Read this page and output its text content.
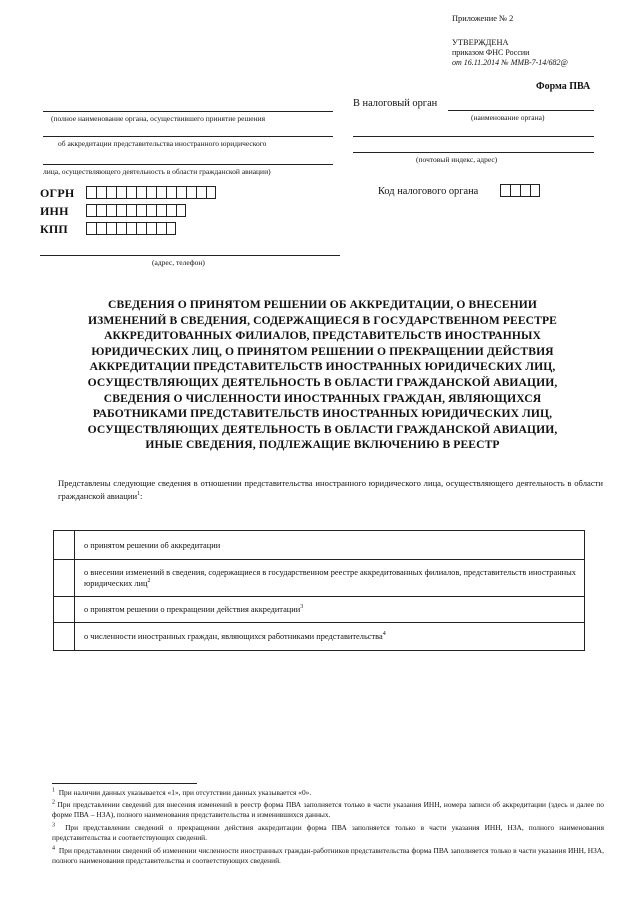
Приложение № 2
УТВЕРЖДЕНА
приказом ФНС России
от 16.11.2014 № ММВ-7-14/682@
Форма ПВА
(полное наименование органа, осуществившего принятие решения
об аккредитации представительства иностранного юридического
лица, осуществляющего деятельность в области гражданской авиации)
В налоговый орган
(наименование органа)
(почтовый индекс, адрес)
Код налогового органа
ОГРН
ИНН
КПП
(адрес, телефон)
СВЕДЕНИЯ О ПРИНЯТОМ РЕШЕНИИ ОБ АККРЕДИТАЦИИ, О ВНЕСЕНИИ
ИЗМЕНЕНИЙ В СВЕДЕНИЯ, СОДЕРЖАЩИЕСЯ В ГОСУДАРСТВЕННОМ РЕЕСТРЕ
АККРЕДИТОВАННЫХ ФИЛИАЛОВ, ПРЕДСТАВИТЕЛЬСТВ ИНОСТРАННЫХ
ЮРИДИЧЕСКИХ ЛИЦ, О ПРИНЯТОМ РЕШЕНИИ О ПРЕКРАЩЕНИИ ДЕЙСТВИЯ
АККРЕДИТАЦИИ ПРЕДСТАВИТЕЛЬСТВ ИНОСТРАННЫХ ЮРИДИЧЕСКИХ ЛИЦ,
ОСУЩЕСТВЛЯЮЩИХ ДЕЯТЕЛЬНОСТЬ В ОБЛАСТИ ГРАЖДАНСКОЙ АВИАЦИИ,
СВЕДЕНИЯ О ЧИСЛЕННОСТИ ИНОСТРАННЫХ ГРАЖДАН, ЯВЛЯЮЩИХСЯ
РАБОТНИКАМИ ПРЕДСТАВИТЕЛЬСТВ ИНОСТРАННЫХ ЮРИДИЧЕСКИХ ЛИЦ,
ОСУЩЕСТВЛЯЮЩИХ ДЕЯТЕЛЬНОСТЬ В ОБЛАСТИ ГРАЖДАНСКОЙ АВИАЦИИ,
ИНЫЕ СВЕДЕНИЯ, ПОДЛЕЖАЩИЕ ВКЛЮЧЕНИЮ В РЕЕСТР
Представлены следующие сведения в отношении представительства иностранного юридического лица, осуществляющего деятельность в области гражданской авиации$^1$:
	о принятом решении об аккредитации
	о внесении изменений в сведения, содержащиеся в государственном реестре аккредитованных филиалов, представительств иностранных юридических лиц$^2$
	о принятом решении о прекращении действия аккредитации$^3$
	о численности иностранных граждан, являющихся работниками представительства$^4$
$^1$ При наличии данных указывается «1», при отсутствии данных указывается «0».
$^2$ При представлении сведений для внесения изменений в реестр форма ПВА заполняется только в части указания ИНН, номера записи об аккредитации (здесь и далее по форме ПВА – НЗА), полного наименования представительства и изменившихся данных.
$^3$ При представлении сведений о прекращении действия аккредитации форма ПВА заполняется только в части указания ИНН, НЗА, полного наименования представительства и соответствующих сведений.
$^4$ При представлении сведений об изменении численности иностранных граждан-работников представительства форма ПВА заполняется только в части указания ИНН, НЗА, полного наименования представительства и соответствующих сведений.
